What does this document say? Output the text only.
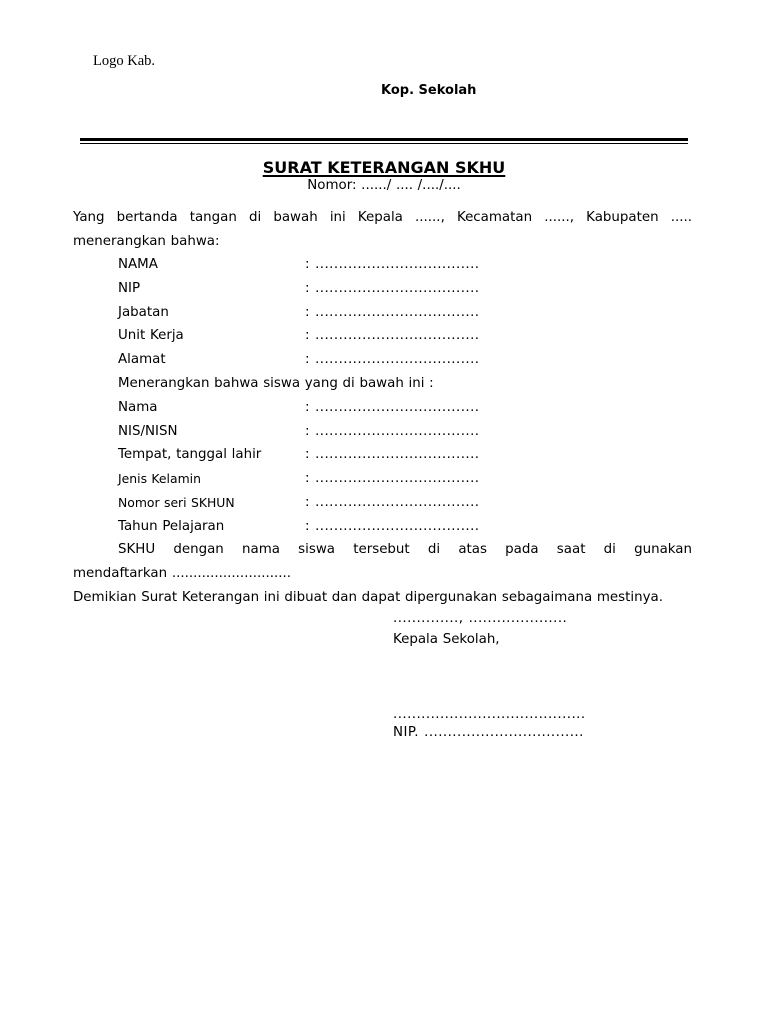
Logo Kab.
Kop. Sekolah
SURAT KETERANGAN SKHU
Nomor: ....../ .... /..../....
Yang bertanda tangan di bawah ini Kepala ......, Kecamatan ......, Kabupaten .....
menerangkan bahwa:
NAMA	: ...................................
NIP	: ...................................
Jabatan	: ...................................
Unit Kerja	: ...................................
Alamat	: ...................................
Menerangkan bahwa siswa yang di bawah ini :
Nama	: ...................................
NIS/NISN	: ...................................
Tempat, tanggal lahir	: ...................................
Jenis Kelamin	: ...................................
Nomor seri SKHUN	: ...................................
Tahun Pelajaran	: ...................................
SKHU dengan nama siswa tersebut di atas pada saat di gunakan
mendaftarkan ............................
Demikian Surat Keterangan ini dibuat dan dapat dipergunakan sebagaimana mestinya.
.............., .....................
Kepala Sekolah,
.........................................
NIP. ..................................
